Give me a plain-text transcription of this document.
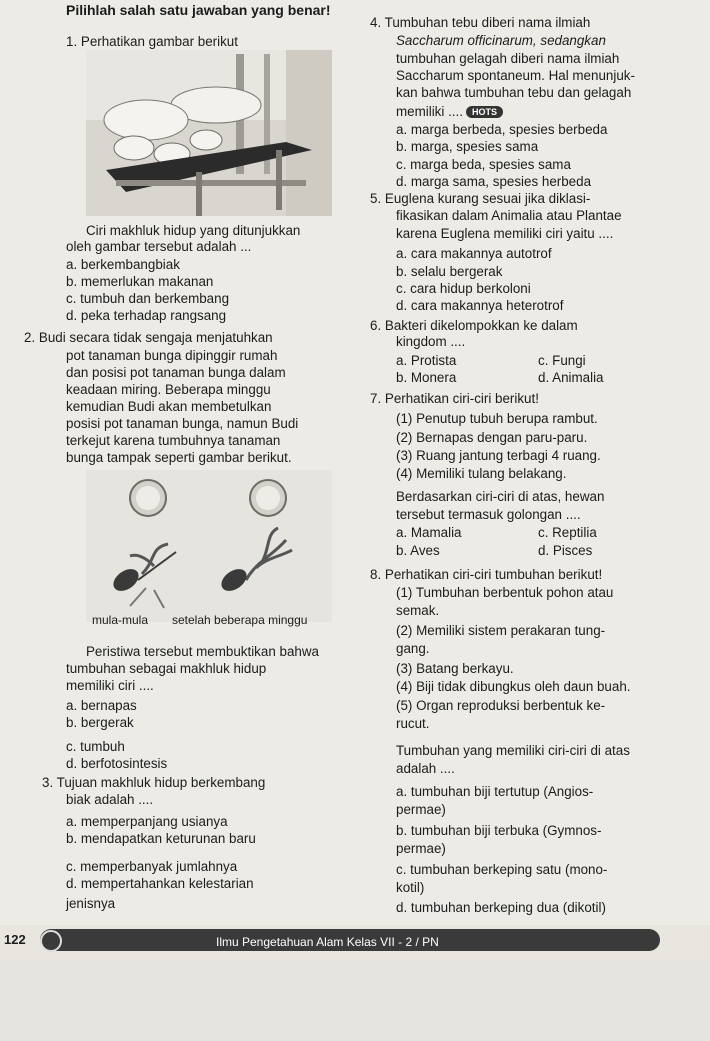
Pilihlah salah satu jawaban yang benar!
1. Perhatikan gambar berikut
Ciri makhluk hidup yang ditunjukkan
oleh gambar tersebut adalah ...
a. berkembangbiak
b. memerlukan makanan
c. tumbuh dan berkembang
d. peka terhadap rangsang
2. Budi secara tidak sengaja menjatuhkan
pot tanaman bunga dipinggir rumah
dan posisi pot tanaman bunga dalam
keadaan miring. Beberapa minggu
kemudian Budi akan membetulkan
posisi pot tanaman bunga, namun Budi
terkejut karena tumbuhnya tanaman
bunga tampak seperti gambar berikut.
mula-mula setelah beberapa minggu
Peristiwa tersebut membuktikan bahwa
tumbuhan sebagai makhluk hidup
memiliki ciri ....
a. bernapas
b. bergerak
c. tumbuh
d. berfotosintesis
3. Tujuan makhluk hidup berkembang
biak adalah ....
a. memperpanjang usianya
b. mendapatkan keturunan baru
c. memperbanyak jumlahnya
d. mempertahankan kelestarian
jenisnya
4. Tumbuhan tebu diberi nama ilmiah
Saccharum officinarum, sedangkan
tumbuhan gelagah diberi nama ilmiah
Saccharum spontaneum. Hal menunjuk-
kan bahwa tumbuhan tebu dan gelagah
memiliki .... HOTS
a. marga berbeda, spesies berbeda
b. marga, spesies sama
c. marga beda, spesies sama
d. marga sama, spesies herbeda
5. Euglena kurang sesuai jika diklasi-
fikasikan dalam Animalia atau Plantae
karena Euglena memiliki ciri yaitu ....
a. cara makannya autotrof
b. selalu bergerak
c. cara hidup berkoloni
d. cara makannya heterotrof
6. Bakteri dikelompokkan ke dalam
kingdom ....
a. Protista	c. Fungi
b. Monera	d. Animalia
7. Perhatikan ciri-ciri berikut!
(1) Penutup tubuh berupa rambut.
(2) Bernapas dengan paru-paru.
(3) Ruang jantung terbagi 4 ruang.
(4) Memiliki tulang belakang.
Berdasarkan ciri-ciri di atas, hewan
tersebut termasuk golongan ....
a. Mamalia	c. Reptilia
b. Aves	d. Pisces
8. Perhatikan ciri-ciri tumbuhan berikut!
(1) Tumbuhan berbentuk pohon atau
semak.
(2) Memiliki sistem perakaran tung-
gang.
(3) Batang berkayu.
(4) Biji tidak dibungkus oleh daun buah.
(5) Organ reproduksi berbentuk ke-
rucut.
Tumbuhan yang memiliki ciri-ciri di atas
adalah ....
a. tumbuhan biji tertutup (Angios-
permae)
b. tumbuhan biji terbuka (Gymnos-
permae)
c. tumbuhan berkeping satu (mono-
kotil)
d. tumbuhan berkeping dua (dikotil)
122	Ilmu Pengetahuan Alam Kelas VII - 2 / PN
